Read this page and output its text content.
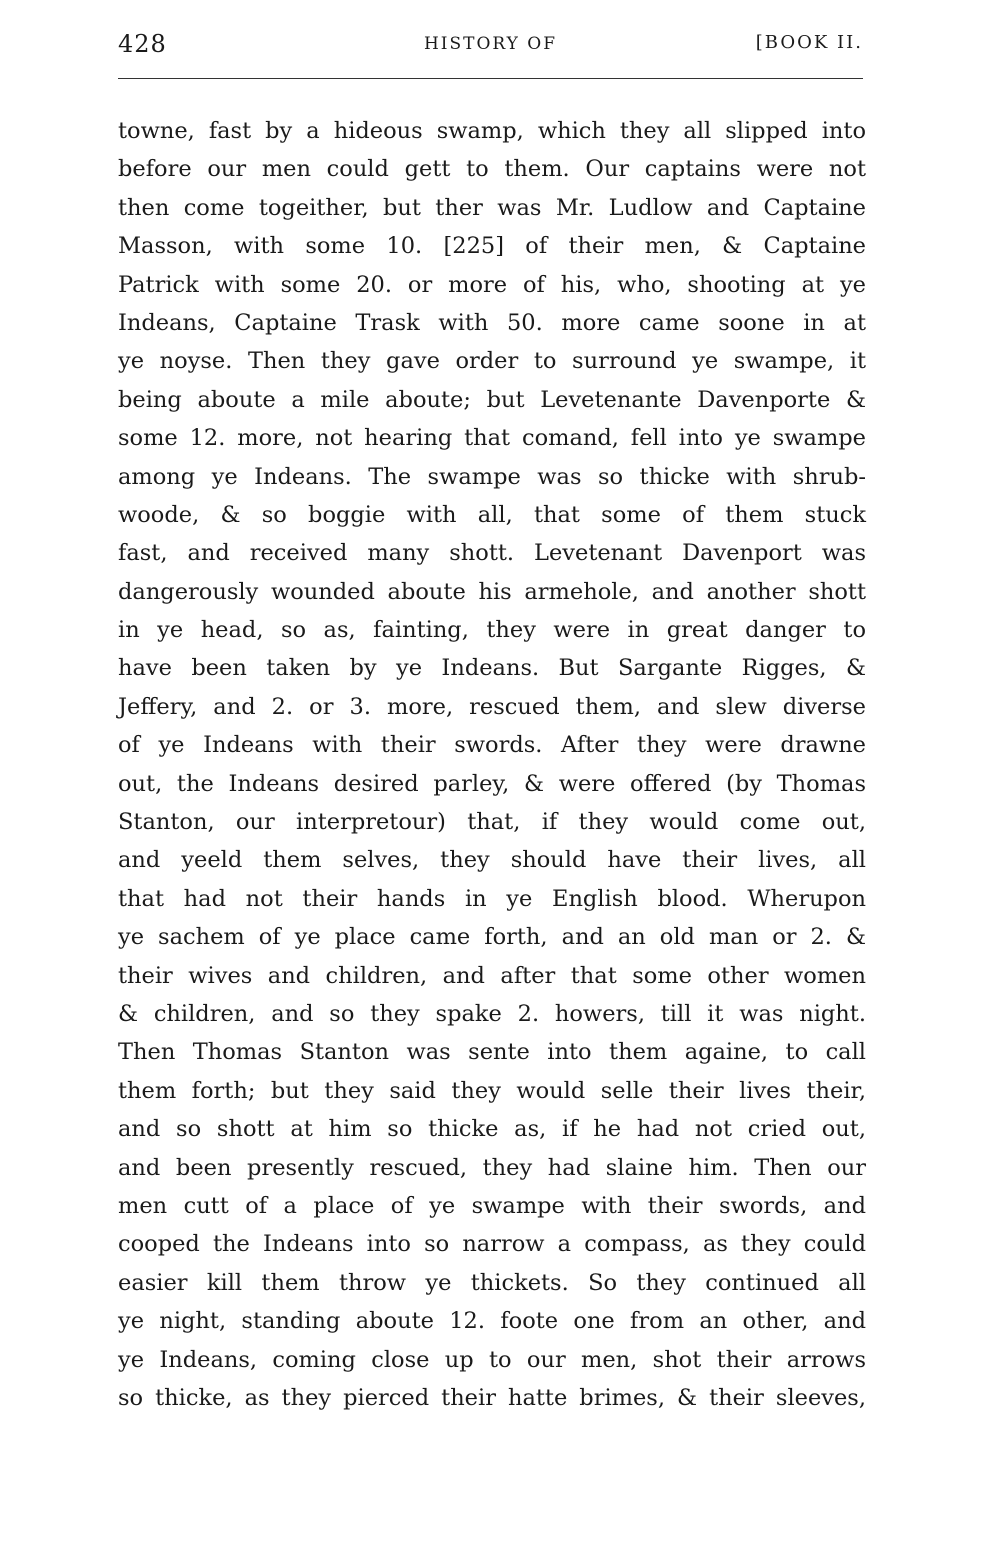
428	HISTORY OF	[BOOK II.
towne, fast by a hideous swamp, which they all slipped into
before our men could gett to them. Our captains were not
then come togeither, but ther was Mr. Ludlow and Captaine
Masson, with some 10. [225] of their men, & Captaine
Patrick with some 20. or more of his, who, shooting at ye
Indeans, Captaine Trask with 50. more came soone in at
ye noyse. Then they gave order to surround ye swampe, it
being aboute a mile aboute; but Levetenante Davenporte &
some 12. more, not hearing that comand, fell into ye swampe
among ye Indeans. The swampe was so thicke with shrub-
woode, & so boggie with all, that some of them stuck
fast, and received many shott. Levetenant Davenport was
dangerously wounded aboute his armehole, and another shott
in ye head, so as, fainting, they were in great danger to
have been taken by ye Indeans. But Sargante Rigges, &
Jeffery, and 2. or 3. more, rescued them, and slew diverse
of ye Indeans with their swords. After they were drawne
out, the Indeans desired parley, & were offered (by Thomas
Stanton, our interpretour) that, if they would come out,
and yeeld them selves, they should have their lives, all
that had not their hands in ye English blood. Wherupon
ye sachem of ye place came forth, and an old man or 2. &
their wives and children, and after that some other women
& children, and so they spake 2. howers, till it was night.
Then Thomas Stanton was sente into them againe, to call
them forth; but they said they would selle their lives their,
and so shott at him so thicke as, if he had not cried out,
and been presently rescued, they had slaine him. Then our
men cutt of a place of ye swampe with their swords, and
cooped the Indeans into so narrow a compass, as they could
easier kill them throw ye thickets. So they continued all
ye night, standing aboute 12. foote one from an other, and
ye Indeans, coming close up to our men, shot their arrows
so thicke, as they pierced their hatte brimes, & their sleeves,
